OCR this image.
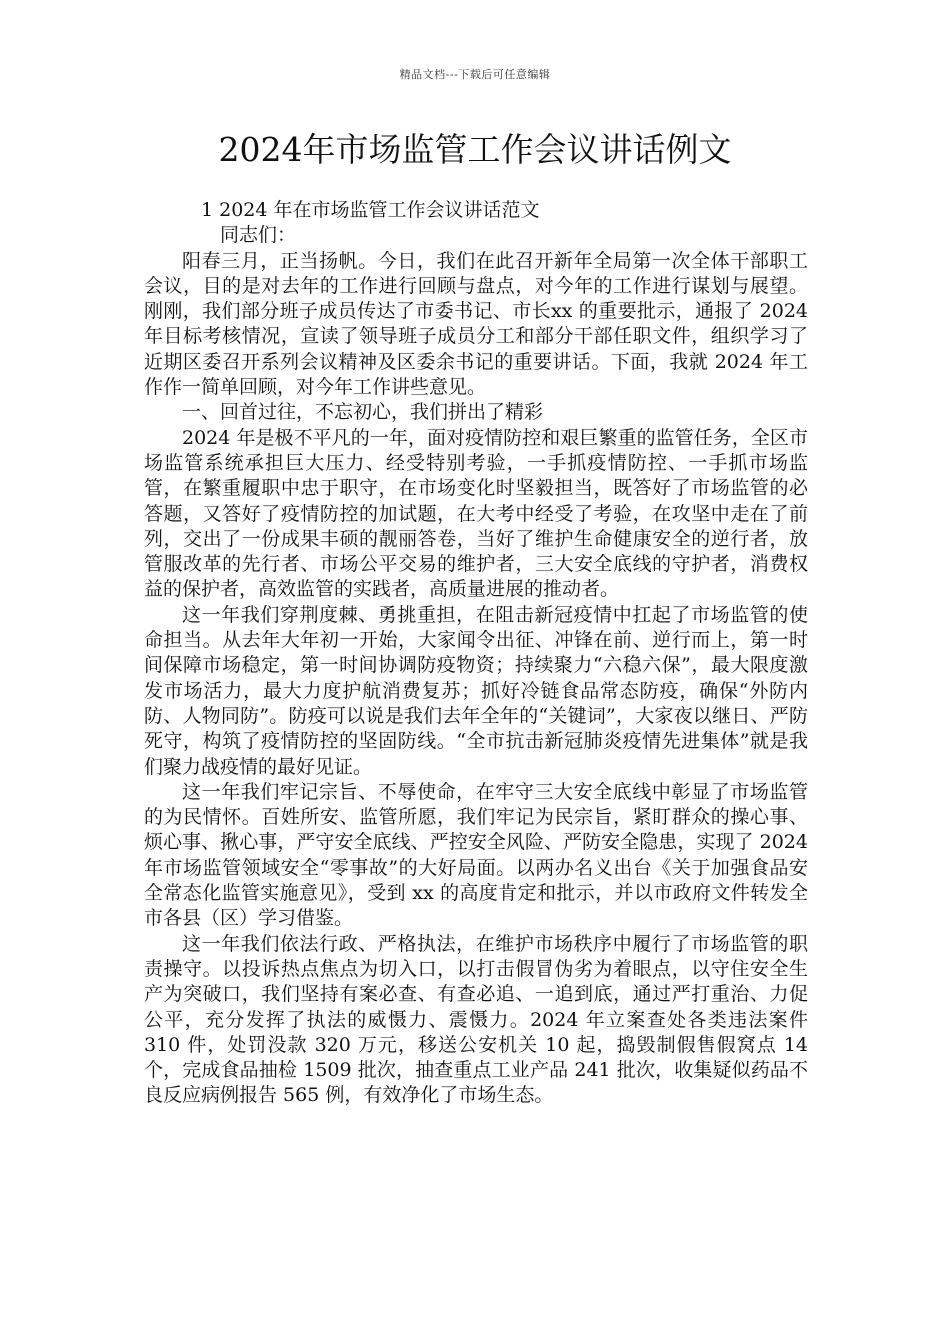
精品文档---下载后可任意编辑
2024年市场监管工作会议讲话例文

1 2024 年在市场监管工作会议讲话范文

同志们：

阳春三月，正当扬帆。今日，我们在此召开新年全局第一次全体干部职工会议，目的是对去年的工作进行回顾与盘点，对今年的工作进行谋划与展望。刚刚，我们部分班子成员传达了市委书记、市长xx 的重要批示，通报了 2024 年目标考核情况，宣读了领导班子成员分工和部分干部任职文件，组织学习了近期区委召开系列会议精神及区委余书记的重要讲话。下面，我就 2024 年工作作一简单回顾，对今年工作讲些意见。

一、回首过往，不忘初心，我们拼出了精彩

2024 年是极不平凡的一年，面对疫情防控和艰巨繁重的监管任务，全区市场监管系统承担巨大压力、经受特别考验，一手抓疫情防控、一手抓市场监管，在繁重履职中忠于职守，在市场变化时坚毅担当，既答好了市场监管的必答题，又答好了疫情防控的加试题，在大考中经受了考验，在攻坚中走在了前列，交出了一份成果丰硕的靓丽答卷，当好了维护生命健康安全的逆行者，放管服改革的先行者、市场公平交易的维护者，三大安全底线的守护者，消费权益的保护者，高效监管的实践者，高质量进展的推动者。

这一年我们穿荆度棘、勇挑重担，在阻击新冠疫情中扛起了市场监管的使命担当。从去年大年初一开始，大家闻令出征、冲锋在前、逆行而上，第一时间保障市场稳定，第一时间协调防疫物资；持续聚力“六稳六保”，最大限度激发市场活力，最大力度护航消费复苏；抓好冷链食品常态防疫，确保“外防内防、人物同防”。防疫可以说是我们去年全年的“关键词”，大家夜以继日、严防死守，构筑了疫情防控的坚固防线。“全市抗击新冠肺炎疫情先进集体”就是我们聚力战疫情的最好见证。

这一年我们牢记宗旨、不辱使命，在牢守三大安全底线中彰显了市场监管的为民情怀。百姓所安、监管所愿，我们牢记为民宗旨，紧盯群众的操心事、烦心事、揪心事，严守安全底线、严控安全风险、严防安全隐患，实现了 2024 年市场监管领域安全“零事故”的大好局面。以两办名义出台《关于加强食品安全常态化监管实施意见》，受到 xx 的高度肯定和批示，并以市政府文件转发全市各县（区）学习借鉴。

这一年我们依法行政、严格执法，在维护市场秩序中履行了市场监管的职责操守。以投诉热点焦点为切入口，以打击假冒伪劣为着眼点，以守住安全生产为突破口，我们坚持有案必查、有查必追、一追到底，通过严打重治、力促公平，充分发挥了执法的威慑力、震慑力。2024 年立案查处各类违法案件 310 件，处罚没款 320 万元，移送公安机关 10 起，捣毁制假售假窝点 14 个，完成食品抽检 1509 批次，抽查重点工业产品 241 批次，收集疑似药品不良反应病例报告 565 例，有效净化了市场生态。
